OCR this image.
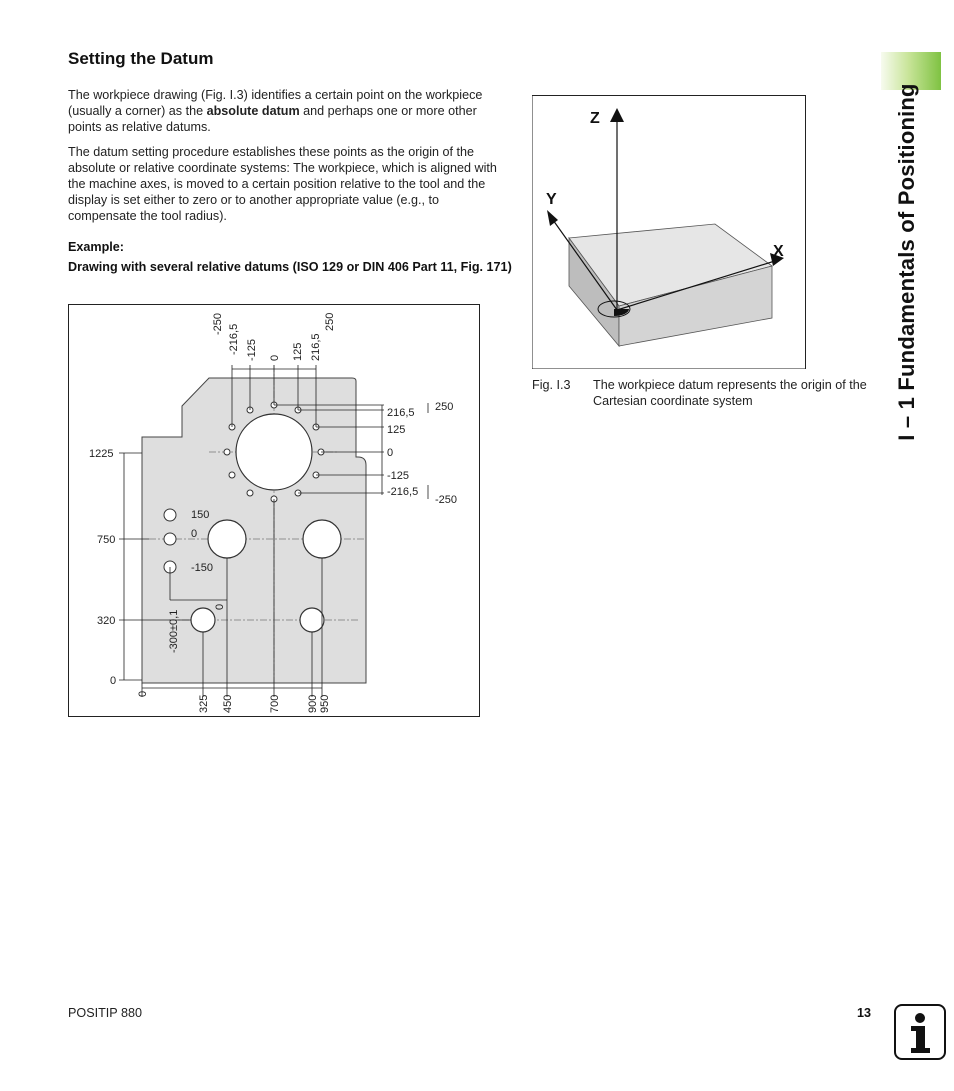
Setting the Datum

The workpiece drawing (Fig. I.3) identifies a certain point on the workpiece (usually a corner) as the absolute datum and perhaps one or more other points as relative datums.

The datum setting procedure establishes these points as the origin of the absolute or relative coordinate systems: The workpiece, which is aligned with the machine axes, is moved to a certain position relative to the tool and the display is set either to zero or to another appropriate value (e.g., to compensate the tool radius).

Example:

Drawing with several relative datums (ISO 129 or DIN 406 Part 11, Fig. 171)

-250 -216,5 -125 0 125 216,5
250
216,5 250
125
0
-125
-216,5
-250
1225
750
320
0
150
0
-150
-300±0,1
0
0
325 450	700 900 950
Z
Y
X
Fig. I.3 The workpiece datum represents the origin of the Cartesian coordinate system	I – 1 Fundamentals of Positioning
POSITIP 880	13
